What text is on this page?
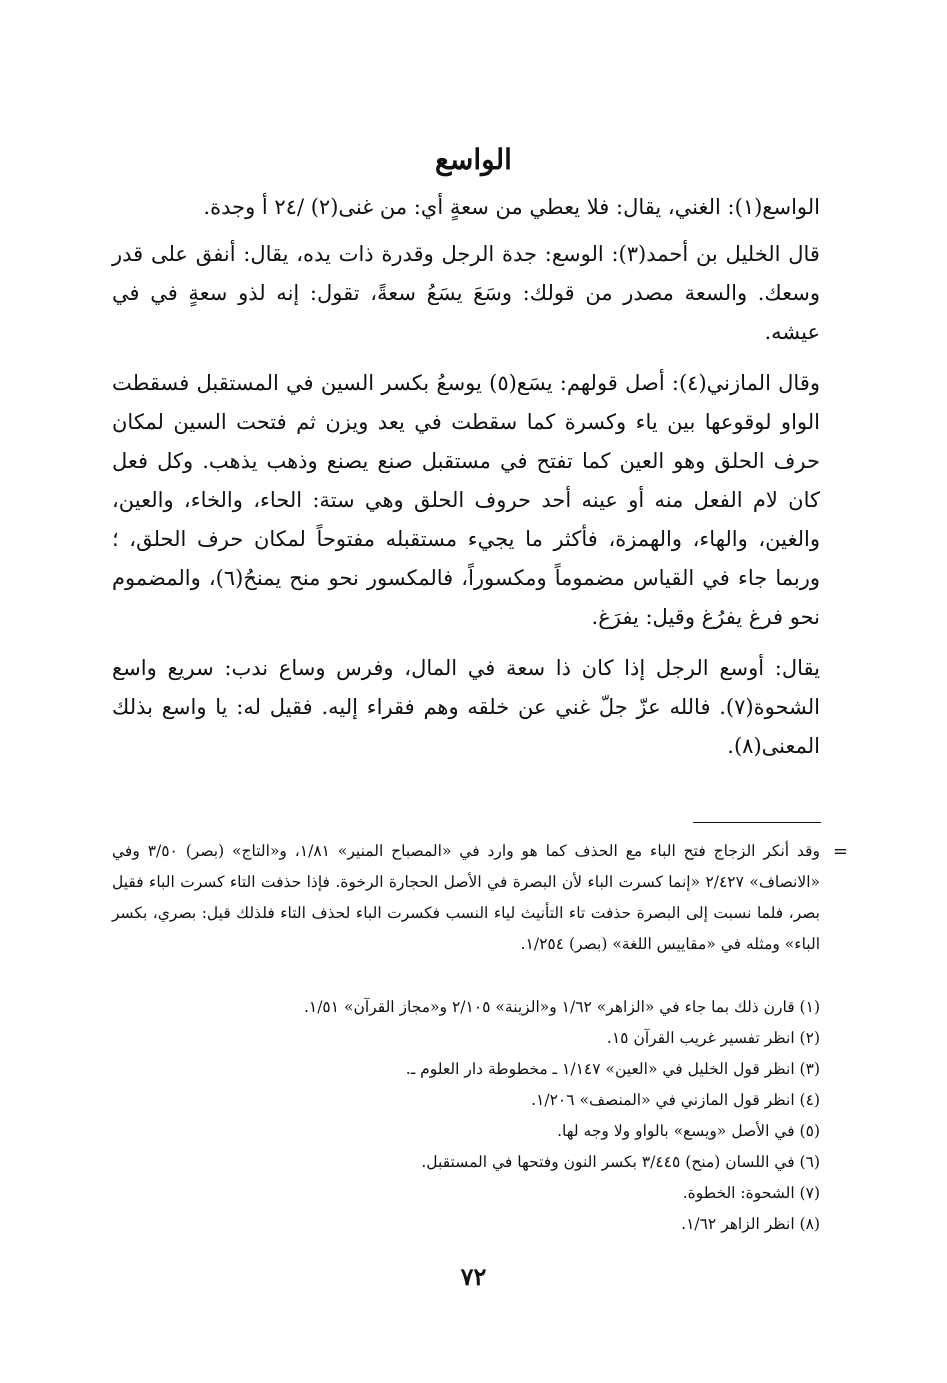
الواسع

الواسع(١): الغني، يقال: فلا يعطي من سعةٍ أي: من غنى(٢) /٢٤ أ وجدة.

قال الخليل بن أحمد(٣): الوسع: جدة الرجل وقدرة ذات يده، يقال: أنفق على قدر وسعك. والسعة مصدر من قولك: وسَعَ يسَعُ سعةً، تقول: إنه لذو سعةٍ في في عيشه.

وقال المازني(٤): أصل قولهم: يسَع(٥) يوسعُ بكسر السين في المستقبل فسقطت الواو لوقوعها بين ياء وكسرة كما سقطت في يعد ويزن ثم فتحت السين لمكان حرف الحلق وهو العين كما تفتح في مستقبل صنع يصنع وذهب يذهب. وكل فعل كان لام الفعل منه أو عينه أحد حروف الحلق وهي ستة: الحاء، والخاء، والعين، والغين، والهاء، والهمزة، فأكثر ما يجيء مستقبله مفتوحاً لمكان حرف الحلق، ؛ وربما جاء في القياس مضموماً ومكسوراً، فالمكسور نحو منح يمنحُ(٦)، والمضموم نحو فرغ يفرُغ وقيل: يفرَغ.

يقال: أوسع الرجل إذا كان ذا سعة في المال، وفرس وساع ندب: سريع واسع الشحوة(٧). فالله عزّ جلّ غني عن خلقه وهم فقراء إليه. فقيل له: يا واسع بذلك المعنى(٨).

=
وقد أنكر الزجاج فتح الباء مع الحذف كما هو وارد في «المصباح المنير» ١/٨١، و«التاج» (بصر) ٣/٥٠ وفي «الانصاف» ٢/٤٢٧ «إنما كسرت الباء لأن البصرة في الأصل الحجارة الرخوة. فإذا حذفت التاء كسرت الباء فقيل بصر، فلما نسبت إلى البصرة حذفت تاء التأنيث لياء النسب فكسرت الباء لحذف التاء فلذلك قيل: بصري، بكسر الباء» ومثله في «مقاييس اللغة» (بصر) ١/٢٥٤.

(١) قارن ذلك بما جاء في «الزاهر» ١/٦٢ و«الزينة» ٢/١٠٥ و«مجاز القرآن» ١/٥١.

(٢) انظر تفسير غريب القرآن ١٥.

(٣) انظر قول الخليل في «العين» ١/١٤٧ ـ مخطوطة دار العلوم ـ.

(٤) انظر قول المازني في «المنصف» ١/٢٠٦.

(٥) في الأصل «ويسع» بالواو ولا وجه لها.

(٦) في اللسان (منح) ٣/٤٤٥ بكسر النون وفتحها في المستقبل.

(٧) الشحوة: الخطوة.

(٨) انظر الزاهر ١/٦٢.

٧٢
